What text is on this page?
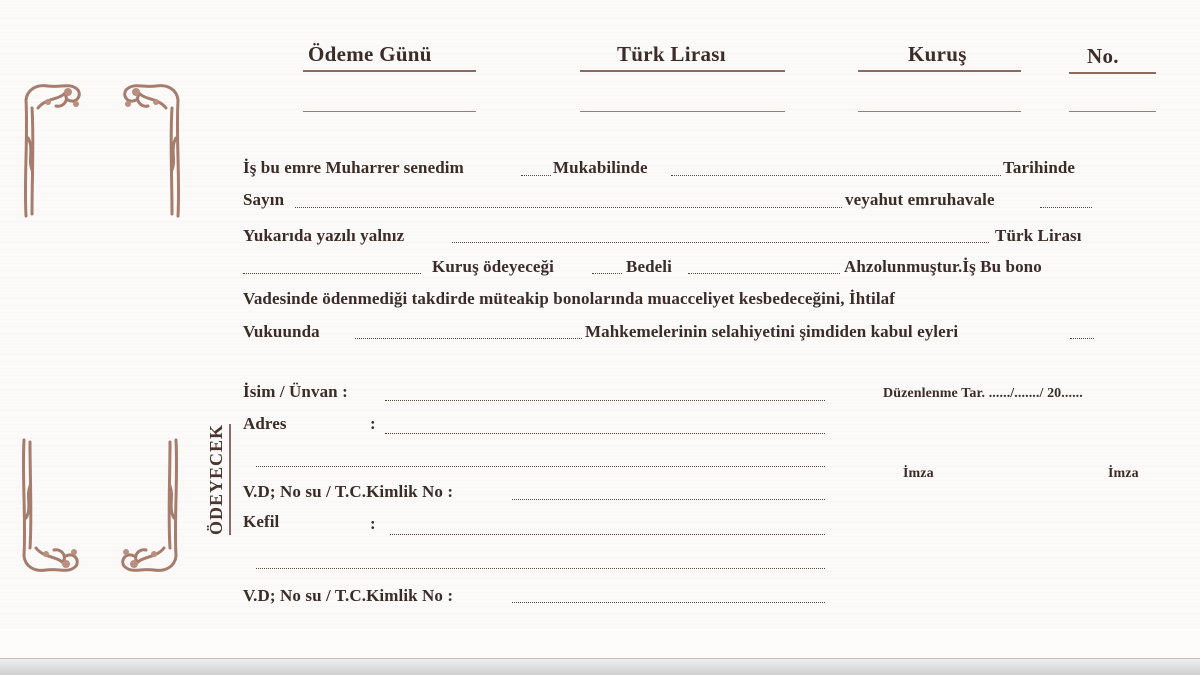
Ödeme Günü	Türk Lirası	Kuruş	No.
İş bu emre Muharrer senedim	Mukabilinde	Tarihinde
Sayın	veyahut emruhavale
Yukarıda yazılı yalnız	Türk Lirası
Kuruş ödeyeceği	Bedeli	Ahzolunmuştur.İş Bu bono
Vadesinde ödenmediği takdirde müteakip bonolarında muacceliyet kesbedeceğini, İhtilaf
Vukuunda	Mahkemelerinin selahiyetini şimdiden kabul eyleri
ÖDEYECEK
İsim / Ünvan :
Adres	:
V.D; No su / T.C.Kimlik No :
Kefil	:
V.D; No su / T.C.Kimlik No :
Düzenlenme Tar. ....../......./ 20......
İmza	İmza
